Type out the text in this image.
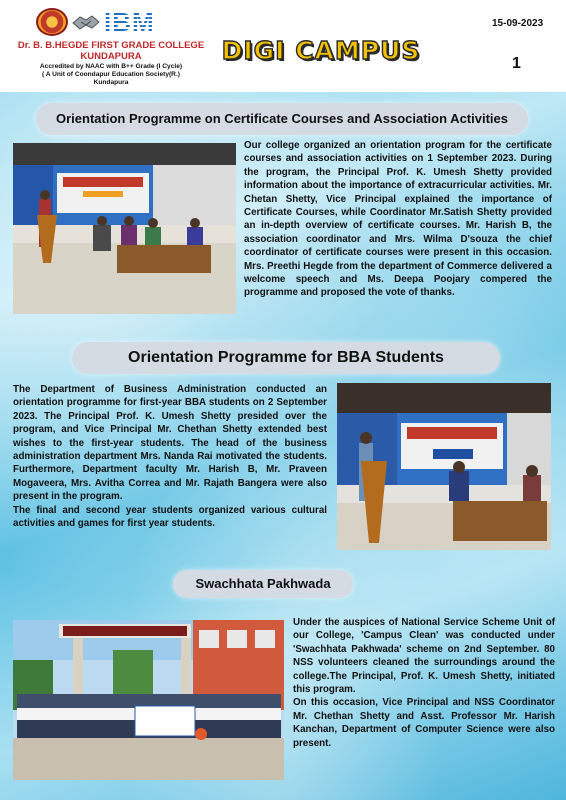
IBM
Dr. B. B.HEGDE FIRST GRADE COLLEGE
KUNDAPURA
Accredited by NAAC with B++ Grade (I Cycle)
( A Unit of Coondapur Education Society(R.)
Kundapura
DIGI CAMPUS
15-09-2023
1
Orientation Programme on Certificate Courses and Association Activities
Our college organized an orientation program for the certificate courses and association activities on 1 September 2023. During the program, the Principal Prof. K. Umesh Shetty provided information about the importance of extracurricular activities. Mr. Chetan Shetty, Vice Principal explained the importance of Certificate Courses, while Coordinator Mr.Satish Shetty provided an in-depth overview of certificate courses. Mr. Harish B, the association coordinator and Mrs. Wilma D'souza the chief coordinator of certificate courses were present in this occasion. Mrs. Preethi Hegde from the department of Commerce delivered a welcome speech and Ms. Deepa Poojary compered the programme and proposed the vote of thanks.
Orientation Programme for BBA Students

The Department of Business Administration conducted an orientation programme for first-year BBA students on 2 September 2023. The Principal Prof. K. Umesh Shetty presided over the program, and Vice Principal Mr. Chethan Shetty extended best wishes to the first-year students. The head of the business administration department Mrs. Nanda Rai motivated the students. Furthermore, Department faculty Mr. Harish B, Mr. Praveen Mogaveera, Mrs. Avitha Correa and Mr. Rajath Bangera were also present in the program.

The final and second year students organized various cultural activities and games for first year students.

Swachhata Pakhwada

Under the auspices of National Service Scheme Unit of our College, 'Campus Clean' was conducted under 'Swachhata Pakhwada' scheme on 2nd September. 80 NSS volunteers cleaned the surroundings around the college.The Principal, Prof. K. Umesh Shetty, initiated this program.

On this occasion, Vice Principal and NSS Coordinator Mr. Chethan Shetty and Asst. Professor Mr. Harish Kanchan, Department of Computer Science were also present.
